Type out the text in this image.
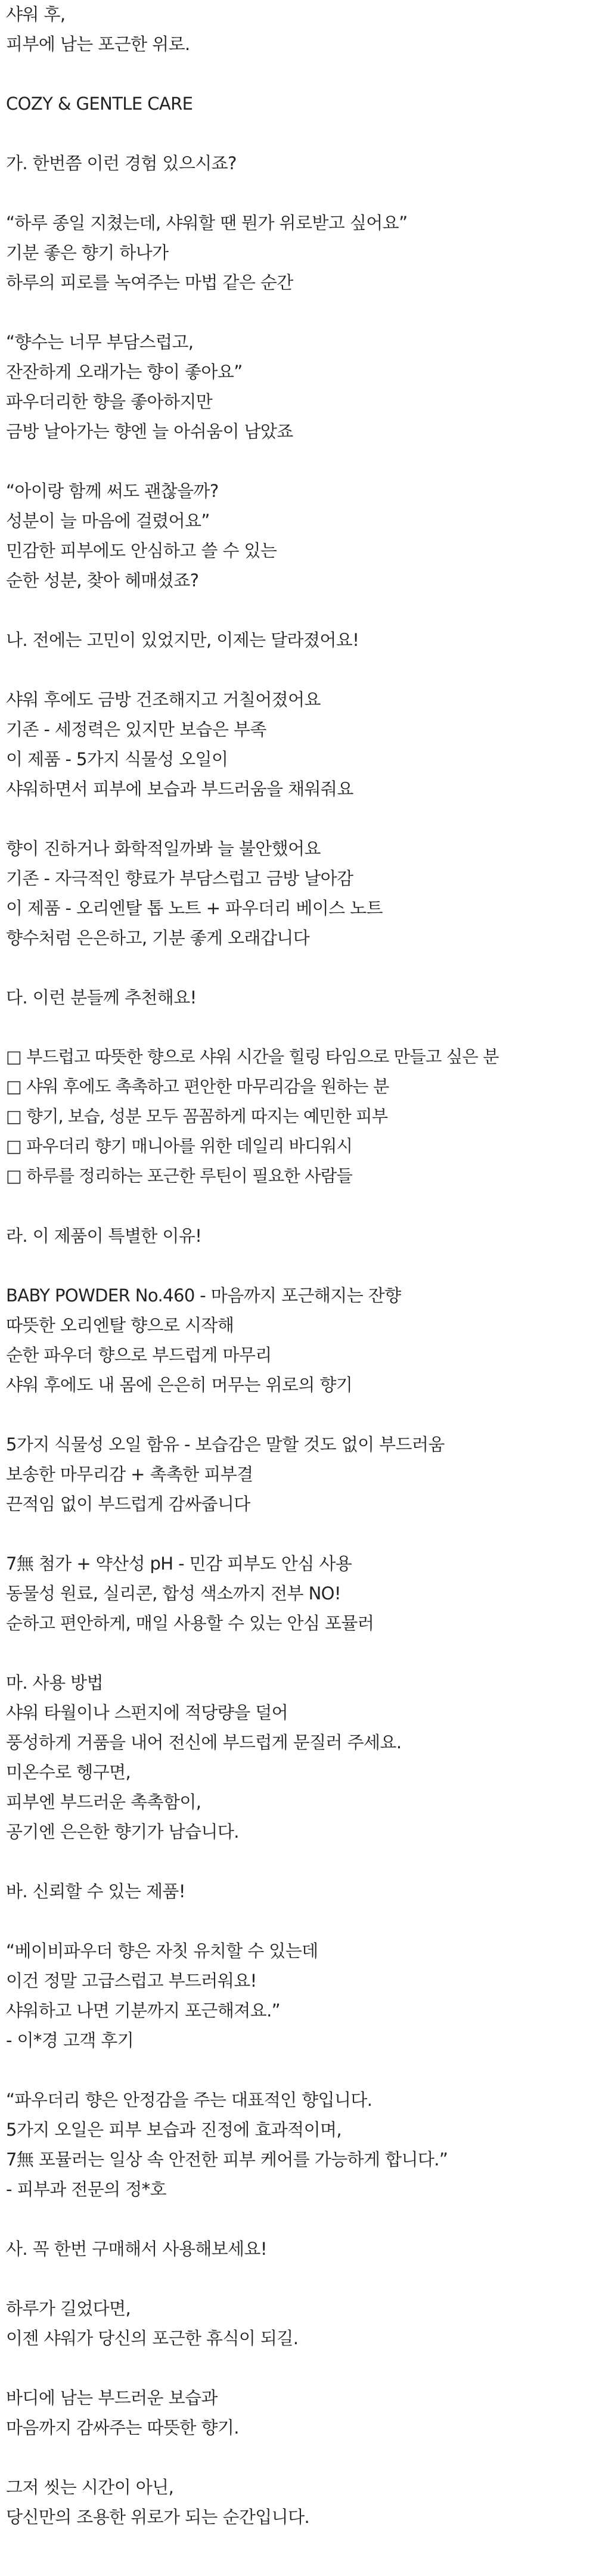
샤워 후,

피부에 남는 포근한 위로.

COZY & GENTLE CARE

가. 한번쯤 이런 경험 있으시죠?

“하루 종일 지쳤는데, 샤워할 땐 뭔가 위로받고 싶어요”

기분 좋은 향기 하나가

하루의 피로를 녹여주는 마법 같은 순간

“향수는 너무 부담스럽고,

잔잔하게 오래가는 향이 좋아요”

파우더리한 향을 좋아하지만

금방 날아가는 향엔 늘 아쉬움이 남았죠

“아이랑 함께 써도 괜찮을까?

성분이 늘 마음에 걸렸어요”

민감한 피부에도 안심하고 쓸 수 있는

순한 성분, 찾아 헤매셨죠?

나. 전에는 고민이 있었지만, 이제는 달라졌어요!

샤워 후에도 금방 건조해지고 거칠어졌어요

기존 - 세정력은 있지만 보습은 부족

이 제품 - 5가지 식물성 오일이

샤워하면서 피부에 보습과 부드러움을 채워줘요

향이 진하거나 화학적일까봐 늘 불안했어요

기존 - 자극적인 향료가 부담스럽고 금방 날아감

이 제품 - 오리엔탈 톱 노트 + 파우더리 베이스 노트

향수처럼 은은하고, 기분 좋게 오래갑니다

다. 이런 분들께 추천해요!

□ 부드럽고 따뜻한 향으로 샤워 시간을 힐링 타임으로 만들고 싶은 분

□ 샤워 후에도 촉촉하고 편안한 마무리감을 원하는 분

□ 향기, 보습, 성분 모두 꼼꼼하게 따지는 예민한 피부

□ 파우더리 향기 매니아를 위한 데일리 바디워시

□ 하루를 정리하는 포근한 루틴이 필요한 사람들

라. 이 제품이 특별한 이유!

BABY POWDER No.460 - 마음까지 포근해지는 잔향

따뜻한 오리엔탈 향으로 시작해

순한 파우더 향으로 부드럽게 마무리

샤워 후에도 내 몸에 은은히 머무는 위로의 향기

5가지 식물성 오일 함유 - 보습감은 말할 것도 없이 부드러움

보송한 마무리감 + 촉촉한 피부결

끈적임 없이 부드럽게 감싸줍니다

7無 첨가 + 약산성 pH - 민감 피부도 안심 사용

동물성 원료, 실리콘, 합성 색소까지 전부 NO!

순하고 편안하게, 매일 사용할 수 있는 안심 포뮬러

마. 사용 방법

샤워 타월이나 스펀지에 적당량을 덜어

풍성하게 거품을 내어 전신에 부드럽게 문질러 주세요.

미온수로 헹구면,

피부엔 부드러운 촉촉함이,

공기엔 은은한 향기가 남습니다.

바. 신뢰할 수 있는 제품!

“베이비파우더 향은 자칫 유치할 수 있는데

이건 정말 고급스럽고 부드러워요!

샤워하고 나면 기분까지 포근해져요.”

- 이*경 고객 후기

“파우더리 향은 안정감을 주는 대표적인 향입니다.

5가지 오일은 피부 보습과 진정에 효과적이며,

7無 포뮬러는 일상 속 안전한 피부 케어를 가능하게 합니다.”

- 피부과 전문의 정*호

사. 꼭 한번 구매해서 사용해보세요!

하루가 길었다면,

이젠 샤워가 당신의 포근한 휴식이 되길.

바디에 남는 부드러운 보습과

마음까지 감싸주는 따뜻한 향기.

그저 씻는 시간이 아닌,

당신만의 조용한 위로가 되는 순간입니다.
